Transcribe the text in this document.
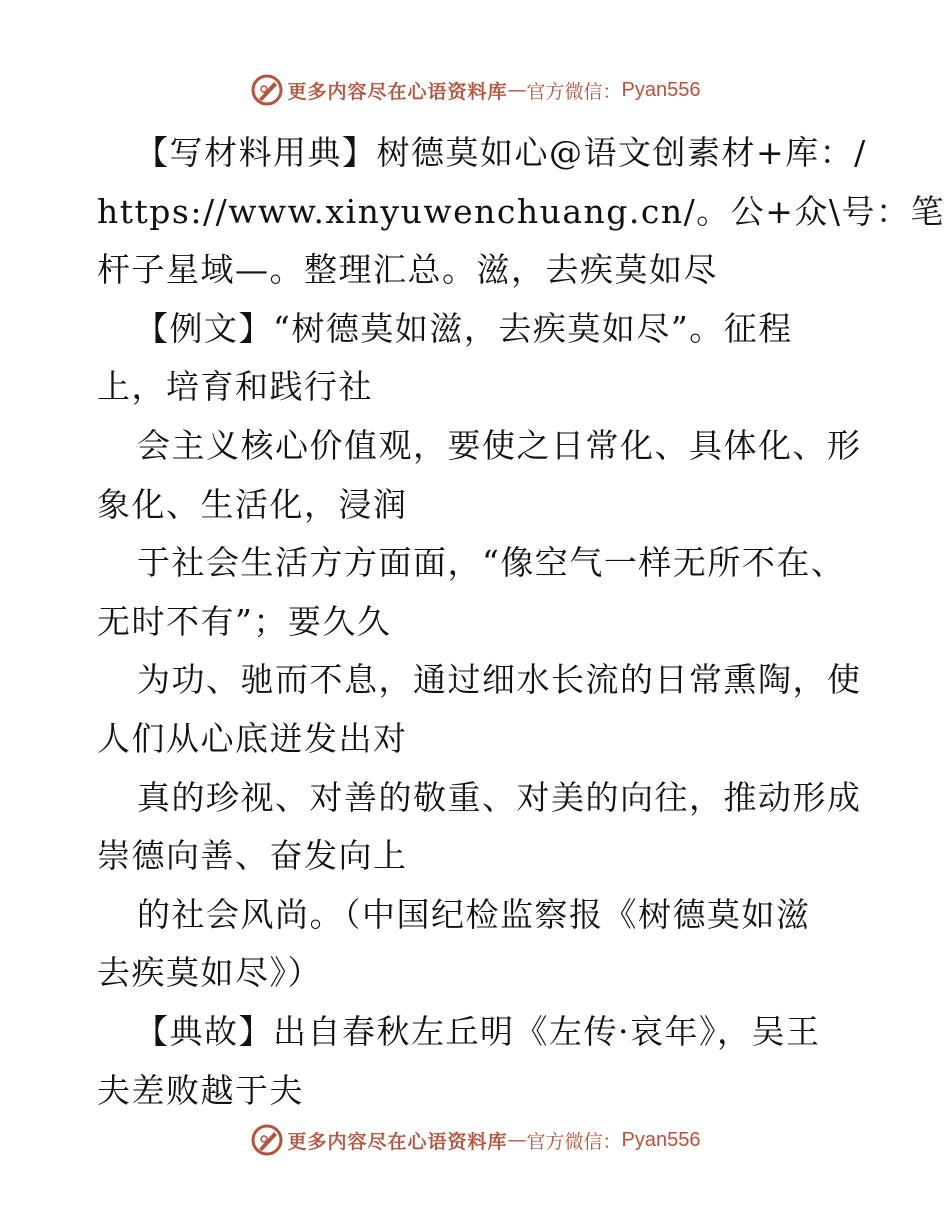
更多内容尽在心语资料库 — 官方微信： Pyan556
【写材料用典】树德莫如心@语文创素材+库：/
https://www.xinyuwenchuang.cn/。公+众\号：笔
杆子星域—。整理汇总。滋，去疾莫如尽
【例文】“树德莫如滋，去疾莫如尽”。征程
上，培育和践行社
会主义核心价值观，要使之日常化、具体化、形
象化、生活化，浸润
于社会生活方方面面，“像空气一样无所不在、
无时不有”；要久久
为功、驰而不息，通过细水长流的日常熏陶，使
人们从心底迸发出对
真的珍视、对善的敬重、对美的向往，推动形成
崇德向善、奋发向上
的社会风尚。（中国纪检监察报《树德莫如滋
去疾莫如尽》）
【典故】出自春秋左丘明《左传·哀年》，吴王
夫差败越于夫
更多内容尽在心语资料库 — 官方微信： Pyan556
